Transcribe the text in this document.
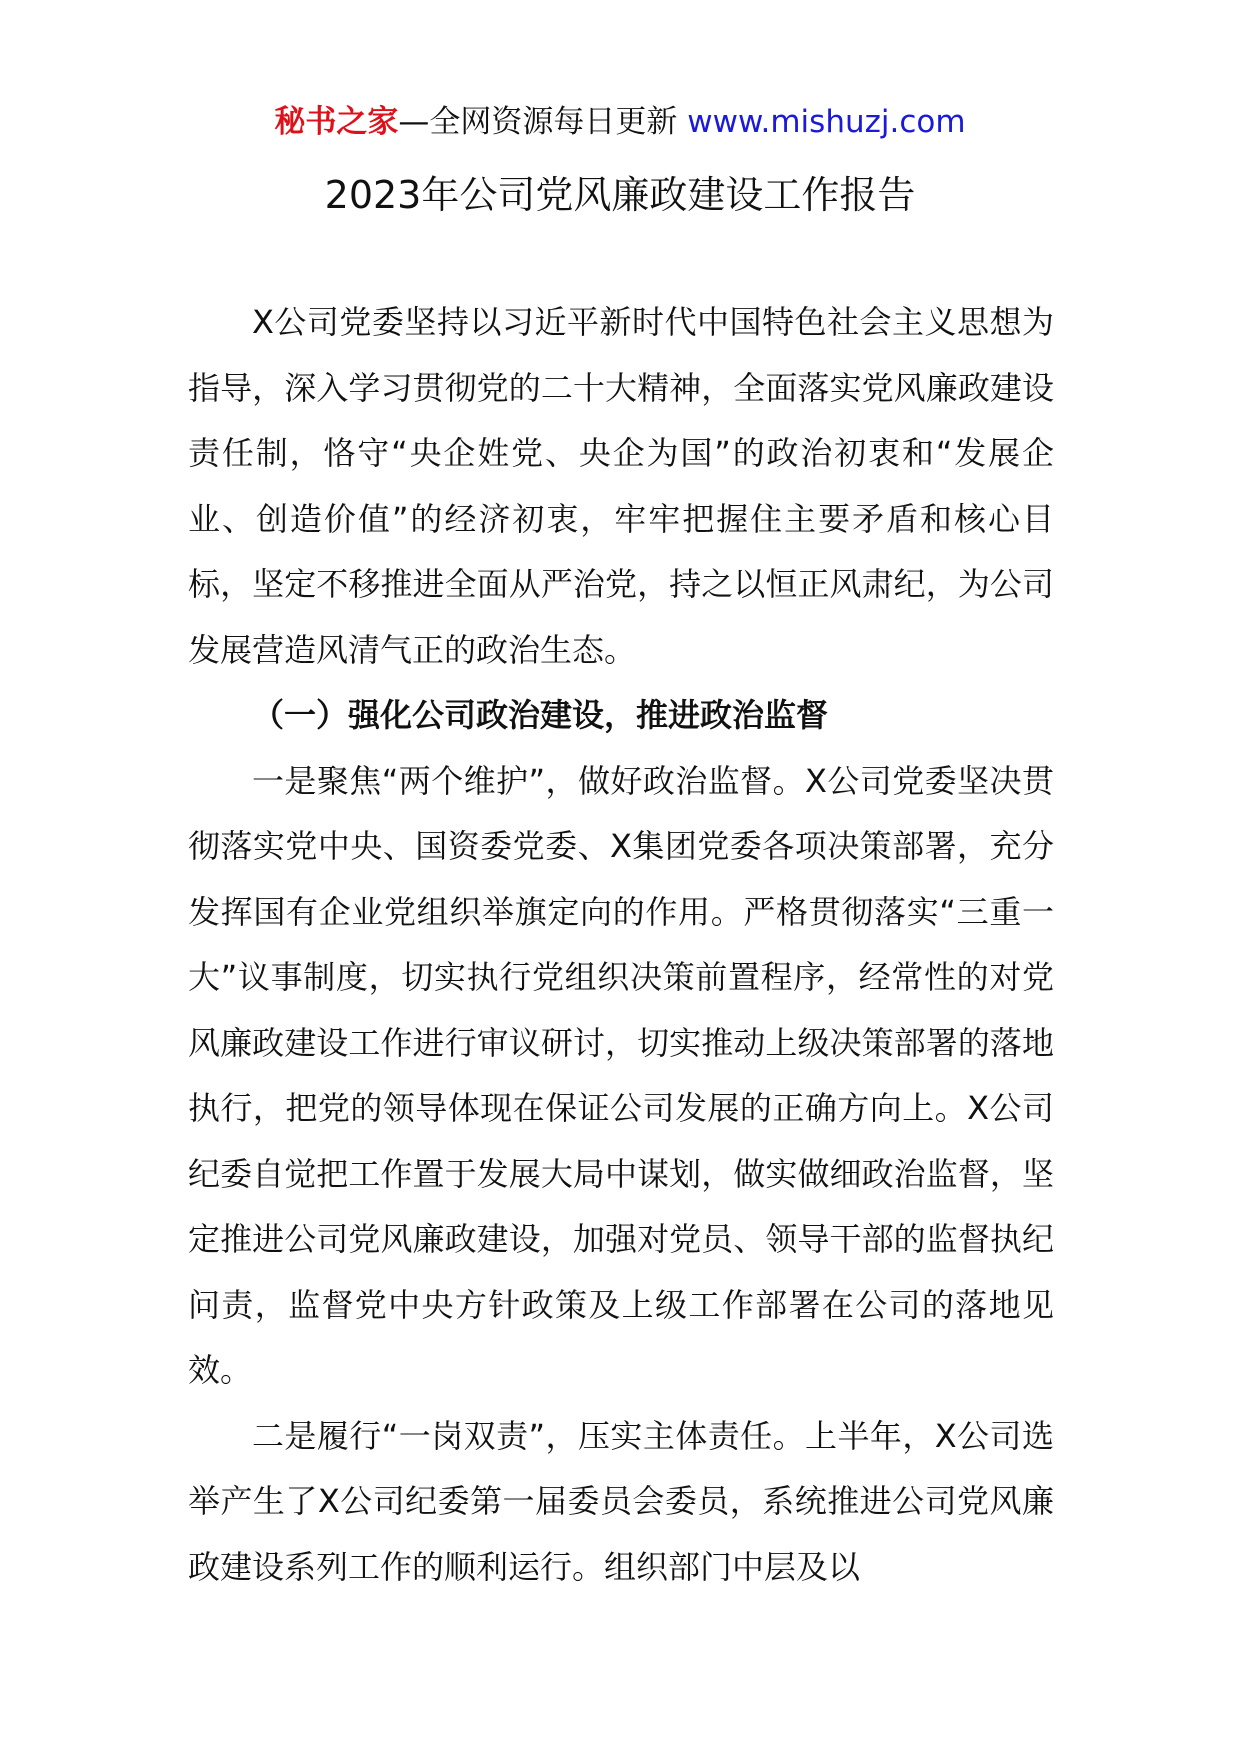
秘书之家—全网资源每日更新 www.mishuzj.com
2023年公司党风廉政建设工作报告

X公司党委坚持以习近平新时代中国特色社会主义思想为指导，深入学习贯彻党的二十大精神，全面落实党风廉政建设责任制，恪守“央企姓党、央企为国”的政治初衷和“发展企业、创造价值”的经济初衷，牢牢把握住主要矛盾和核心目标，坚定不移推进全面从严治党，持之以恒正风肃纪，为公司发展营造风清气正的政治生态。

（一）强化公司政治建设，推进政治监督

一是聚焦“两个维护”，做好政治监督。X公司党委坚决贯彻落实党中央、国资委党委、X集团党委各项决策部署，充分发挥国有企业党组织举旗定向的作用。严格贯彻落实“三重一大”议事制度，切实执行党组织决策前置程序，经常性的对党风廉政建设工作进行审议研讨，切实推动上级决策部署的落地执行，把党的领导体现在保证公司发展的正确方向上。X公司纪委自觉把工作置于发展大局中谋划，做实做细政治监督，坚定推进公司党风廉政建设，加强对党员、领导干部的监督执纪问责，监督党中央方针政策及上级工作部署在公司的落地见效。

二是履行“一岗双责”，压实主体责任。上半年，X公司选举产生了X公司纪委第一届委员会委员，系统推进公司党风廉政建设系列工作的顺利运行。组织部门中层及以
